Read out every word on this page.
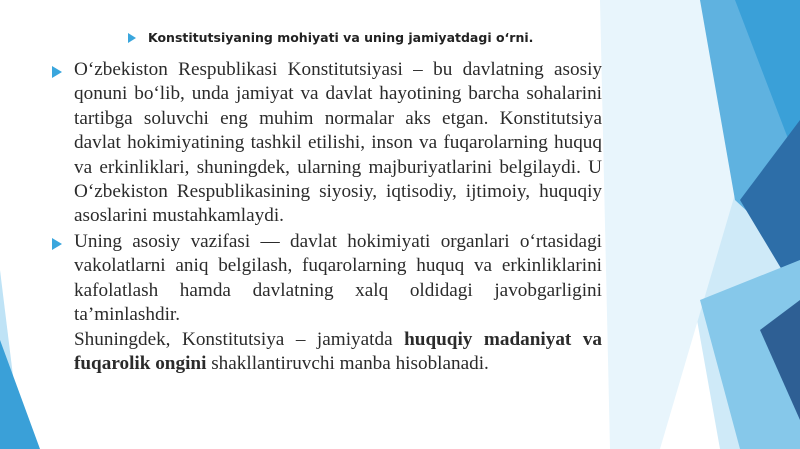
Konstitutsiyaning mohiyati va uning jamiyatdagi o‘rni.

O‘zbekiston Respublikasi Konstitutsiyasi – bu davlatning asosiy qonuni bo‘lib, unda jamiyat va davlat hayotining barcha sohalarini tartibga soluvchi eng muhim normalar aks etgan. Konstitutsiya davlat hokimiyatining tashkil etilishi, inson va fuqarolarning huquq va erkinliklari, shuningdek, ularning majburiyatlarini belgilaydi. U O‘zbekiston Respublikasining siyosiy, iqtisodiy, ijtimoiy, huquqiy asoslarini mustahkamlaydi.

Uning asosiy vazifasi — davlat hokimiyati organlari o‘rtasidagi vakolatlarni aniq belgilash, fuqarolarning huquq va erkinliklarini kafolatlash hamda davlatning xalq oldidagi javobgarligini ta’minlashdir.

Shuningdek, Konstitutsiya – jamiyatda huquqiy madaniyat va fuqarolik ongini shakllantiruvchi manba hisoblanadi.
